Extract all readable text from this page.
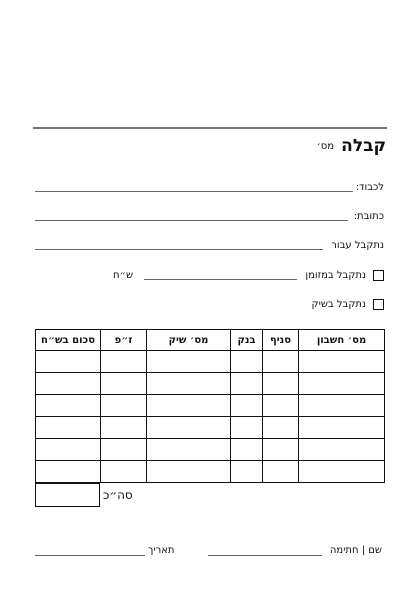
קבלה
מס׳
לכבוד:
כתובת:
נתקבל עבור
נתקבל במזומן
ש״ח
נתקבל בשיק
מס׳ חשבון	סניף	בנק	מס׳ שיק	ז״פ	סכום בש״ח

סה״כ
שם | חתימה
תאריך
